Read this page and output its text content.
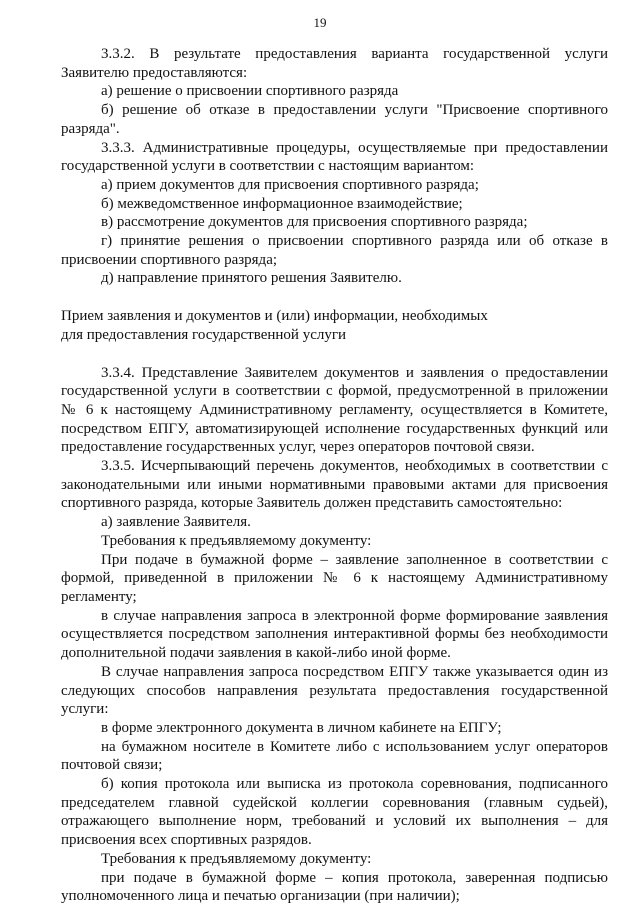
19

3.3.2. В результате предоставления варианта государственной услуги Заявителю предоставляются:

а) решение о присвоении спортивного разряда

б) решение об отказе в предоставлении услуги "Присвоение спортивного разряда".

3.3.3. Административные процедуры, осуществляемые при предоставлении государственной услуги в соответствии с настоящим вариантом:

а) прием документов для присвоения спортивного разряда;

б) межведомственное информационное взаимодействие;

в) рассмотрение документов для присвоения спортивного разряда;

г) принятие решения о присвоении спортивного разряда или об отказе в присвоении спортивного разряда;

д) направление принятого решения Заявителю.

Прием заявления и документов и (или) информации, необходимых

для предоставления государственной услуги

3.3.4. Представление Заявителем документов и заявления о предоставлении государственной услуги в соответствии с формой, предусмотренной в приложении № 6 к настоящему Административному регламенту, осуществляется в Комитете, посредством ЕПГУ, автоматизирующей исполнение государственных функций или предоставление государственных услуг, через операторов почтовой связи.

3.3.5. Исчерпывающий перечень документов, необходимых в соответствии с законодательными или иными нормативными правовыми актами для присвоения спортивного разряда, которые Заявитель должен представить самостоятельно:

а) заявление Заявителя.

Требования к предъявляемому документу:

При подаче в бумажной форме – заявление заполненное в соответствии с формой, приведенной в приложении № 6 к настоящему Административному регламенту;

в случае направления запроса в электронной форме формирование заявления осуществляется посредством заполнения интерактивной формы без необходимости дополнительной подачи заявления в какой-либо иной форме.

В случае направления запроса посредством ЕПГУ также указывается один из следующих способов направления результата предоставления государственной услуги:

в форме электронного документа в личном кабинете на ЕПГУ;

на бумажном носителе в Комитете либо с использованием услуг операторов почтовой связи;

б) копия протокола или выписка из протокола соревнования, подписанного председателем главной судейской коллегии соревнования (главным судьей), отражающего выполнение норм, требований и условий их выполнения – для присвоения всех спортивных разрядов.

Требования к предъявляемому документу:

при подаче в бумажной форме – копия протокола, заверенная подписью уполномоченного лица и печатью организации (при наличии);
